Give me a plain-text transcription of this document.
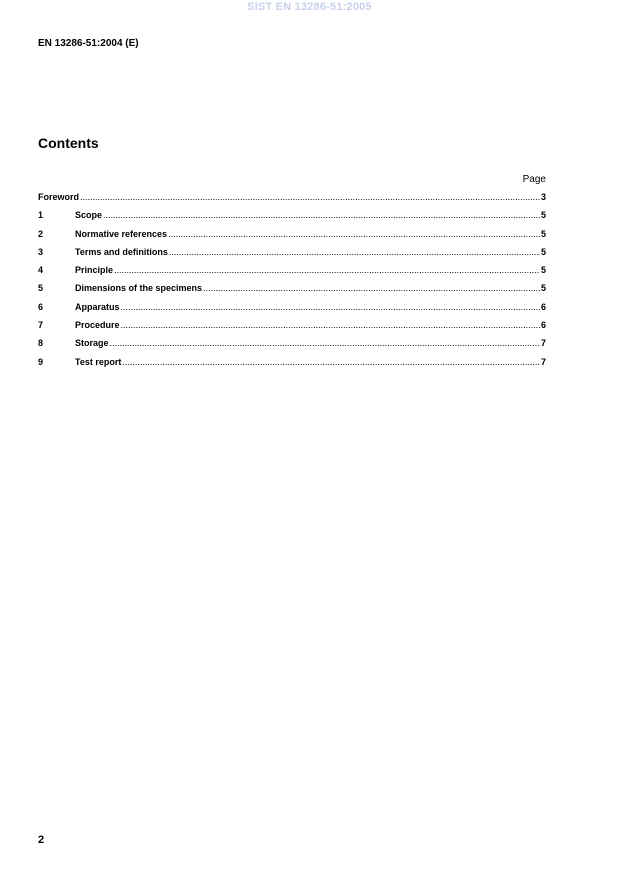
SIST EN 13286-51:2005
EN 13286-51:2004 (E)
Contents
Page
Foreword .....	3
1	Scope .....	5
2	Normative references .....	5
3	Terms and definitions .....	5
4	Principle .....	5
5	Dimensions of the specimens .....	5
6	Apparatus .....	6
7	Procedure .....	6
8	Storage .....	7
9	Test report .....	7
2
